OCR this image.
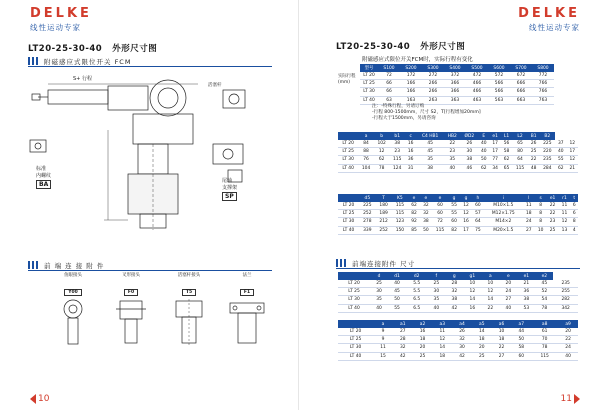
DELKE
线性运动专家
LT20-25-30-40 外形尺寸图
附磁感应式限位开关 FCM
S+ 行程
活塞杆
标准
内螺纹
BA	尾轴
支撑架
SP
前 端 连 接 附 件
鱼眼接头
Y00
叉形接头
F0
活塞杆接头
T5
法兰
F1
10
DELKE
线性运动专家
LT20-25-30-40 外形尺寸图
附磁感应式限位开关FCM时，实际行程有变化
实际行程(mm)
型号	S100	S200	S300	S400	S500	S600	S700	S800
LT 20	72	172	272	372	472	572	672	772
LT 25	66	166	266	366	466	566	666	766
LT 30	66	166	266	366	466	566	666	766
LT 40	63	163	263	363	463	563	663	763
注：-特殊行程，另请订购
-行程 800-1500mm，尺寸 S2，T[行程增加20mm]
-行程大于1500mm，另请咨询
	a	b	b1	c	C4 HB1	HB2	ØD2	E	e1	L1	L2	B1	B2		
LT 20	84	102	38	16	45	22	26	40	17	56	65	26	225	37	12
LT 25	88	12	23	16	45	23	30	40	17	58	80	25	220	40	17
LT 30	76	62	115	36	35	35	38	50	77	62	64	22	235	55	12
LT 40	104	78	124	31	38	40	46	62	34	65	115	48	284	62	21
	d5	T	K5	e	e	e	g	g	h	i	l	s	e1	r1	t
LT 20	225	180	115	62	32	60	55	12	60	M10×1.5	11	8	22	11	6
LT 25	252	189	115	82	32	60	55	12	57	M12×1.75	18	8	22	11	6
LT 30	278	212	123	92	38	72	60	16	64	M14×2	24	8	23	12	8
LT 40	339	252	150	85	50	115	82	17	75	M20×1.5	27	10	25	13	4
前端连接附件 尺寸
	d	d1	d2	f	g	g1	a	e	e1	e2	
LT 20	25	40	5.5	25	28	10	10	20	21	45	235
LT 25	30	45	5.5	30	32	12	12	24	36	52	255
LT 30	35	50	6.5	35	38	14	14	27	38	54	282
LT 40	40	55	6.5	40	42	16	22	40	53	78	342
	a	a1	a2	a3	a4	a5	a6	a7	a8	a9
LT 20	9	27	16	11	26	14	10	44	61	20
LT 25	9	28	18	12	32	18	18	50	70	22
LT 30	11	32	20	14	30	20	22	58	78	24
LT 40	15	42	25	18	42	25	27	60	115	40
11
